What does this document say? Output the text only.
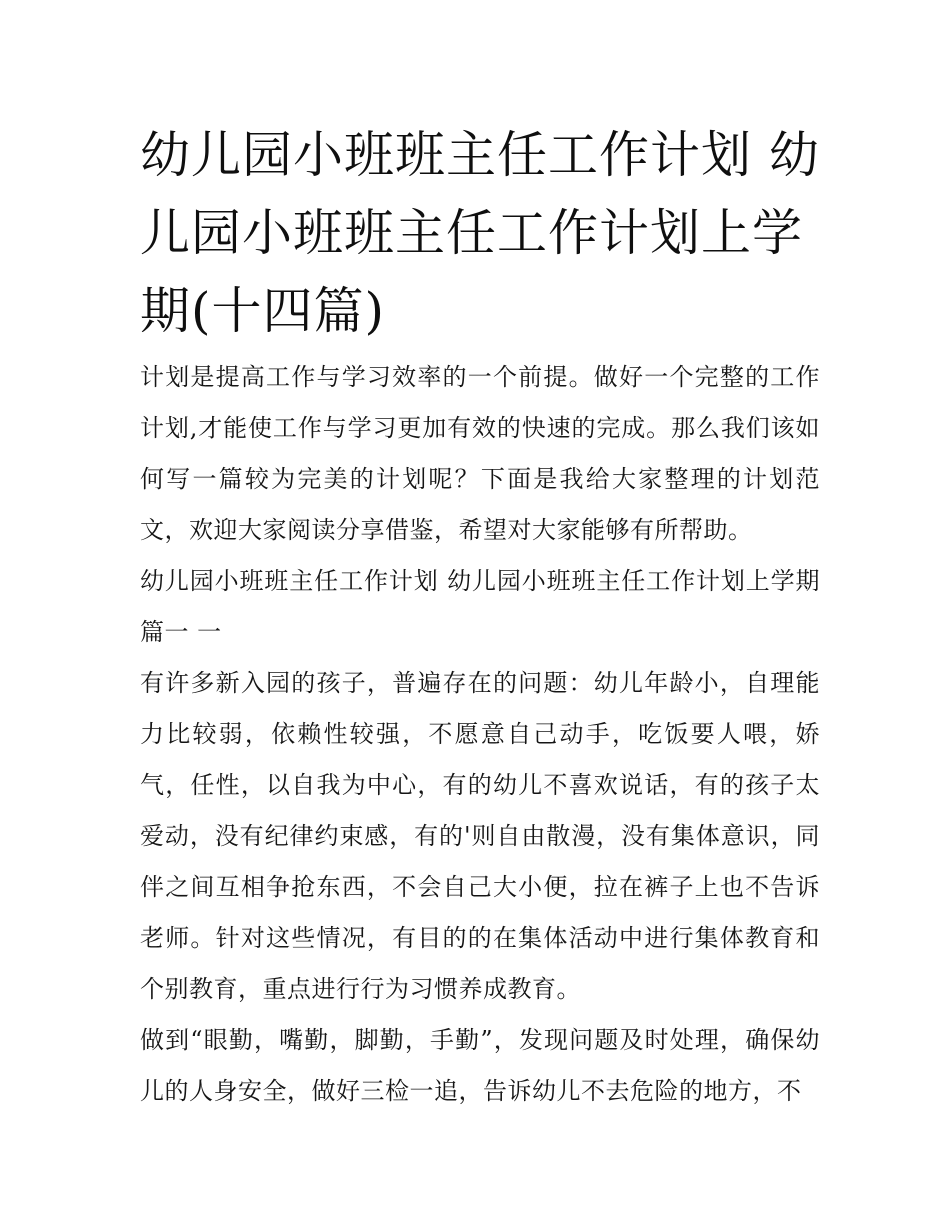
幼儿园小班班主任工作计划 幼儿园小班班主任工作计划上学期(十四篇)

计划是提高工作与学习效率的一个前提。做好一个完整的工作计划,才能使工作与学习更加有效的快速的完成。那么我们该如何写一篇较为完美的计划呢？下面是我给大家整理的计划范文，欢迎大家阅读分享借鉴，希望对大家能够有所帮助。

幼儿园小班班主任工作计划 幼儿园小班班主任工作计划上学期篇一 一

有许多新入园的孩子，普遍存在的问题：幼儿年龄小，自理能力比较弱，依赖性较强，不愿意自己动手，吃饭要人喂，娇气，任性，以自我为中心，有的幼儿不喜欢说话，有的孩子太爱动，没有纪律约束感，有的'则自由散漫，没有集体意识，同伴之间互相争抢东西，不会自己大小便，拉在裤子上也不告诉老师。针对这些情况，有目的的在集体活动中进行集体教育和个别教育，重点进行行为习惯养成教育。

做到“眼勤，嘴勤，脚勤，手勤”，发现问题及时处理，确保幼儿的人身安全，做好三检一追，告诉幼儿不去危险的地方，不
